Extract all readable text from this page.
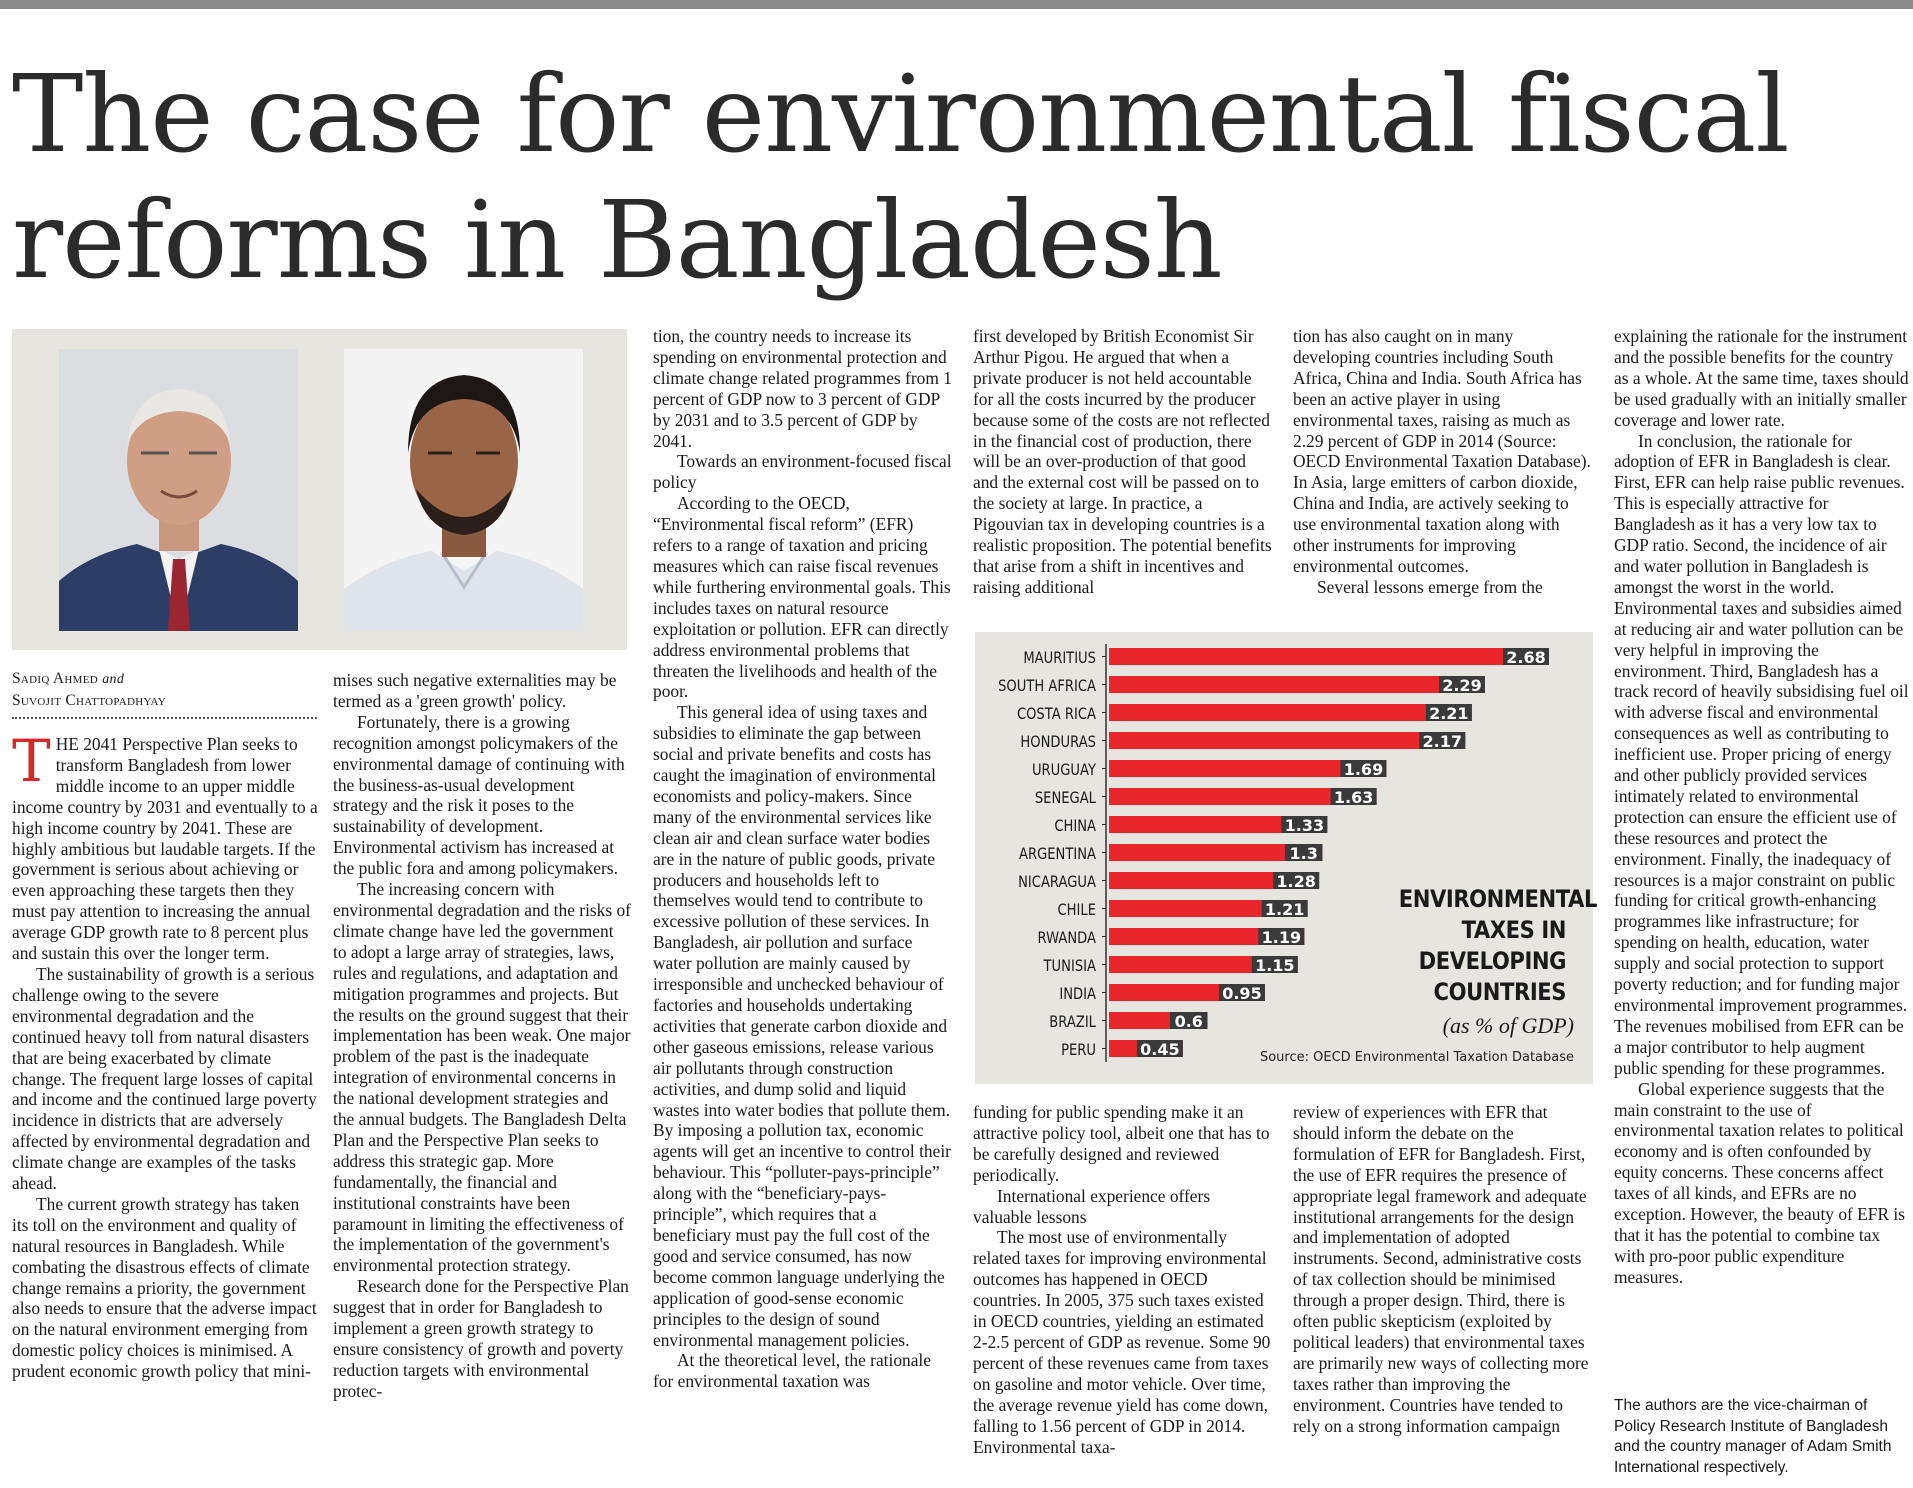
The case for environmental fiscal reforms in Bangladesh
Sadiq Ahmed and
Suvojit Chattopadhyay

THE 2041 Perspective Plan seeks to transform Bangladesh from lower middle income to an upper middle income country by 2031 and eventually to a high income country by 2041. These are highly ambitious but laudable targets. If the government is serious about achieving or even approaching these targets then they must pay attention to increasing the annual average GDP growth rate to 8 percent plus and sustain this over the longer term.

The sustainability of growth is a serious challenge owing to the severe environmental degradation and the continued heavy toll from natural disasters that are being exacerbated by climate change. The frequent large losses of capital and income and the continued large poverty incidence in districts that are adversely affected by environmental degradation and climate change are examples of the tasks ahead.

The current growth strategy has taken its toll on the environment and quality of natural resources in Bangladesh. While combating the disastrous effects of climate change remains a priority, the government also needs to ensure that the adverse impact on the natural environment emerging from domestic policy choices is minimised. A prudent economic growth policy that mini-

mises such negative externalities may be termed as a 'green growth' policy.

Fortunately, there is a growing recognition amongst policymakers of the environmental damage of continuing with the business-as-usual development strategy and the risk it poses to the sustainability of development. Environmental activism has increased at the public fora and among policymakers.

The increasing concern with environmental degradation and the risks of climate change have led the government to adopt a large array of strategies, laws, rules and regulations, and adaptation and mitigation programmes and projects. But the results on the ground suggest that their implementation has been weak. One major problem of the past is the inadequate integration of environmental concerns in the national development strategies and the annual budgets. The Bangladesh Delta Plan and the Perspective Plan seeks to address this strategic gap. More fundamentally, the financial and institutional constraints have been paramount in limiting the effectiveness of the implementation of the government's environmental protection strategy.

Research done for the Perspective Plan suggest that in order for Bangladesh to implement a green growth strategy to ensure consistency of growth and poverty reduction targets with environmental protec-

tion, the country needs to increase its spending on environmental protection and climate change related programmes from 1 percent of GDP now to 3 percent of GDP by 2031 and to 3.5 percent of GDP by 2041.

Towards an environment-focused fiscal policy

According to the OECD, “Environmental fiscal reform” (EFR) refers to a range of taxation and pricing measures which can raise fiscal revenues while furthering environmental goals. This includes taxes on natural resource exploitation or pollution. EFR can directly address environmental problems that threaten the livelihoods and health of the poor.

This general idea of using taxes and subsidies to eliminate the gap between social and private benefits and costs has caught the imagination of environmental economists and policy-makers. Since many of the environmental services like clean air and clean surface water bodies are in the nature of public goods, private producers and households left to themselves would tend to contribute to excessive pollution of these services. In Bangladesh, air pollution and surface water pollution are mainly caused by irresponsible and unchecked behaviour of factories and households undertaking activities that generate carbon dioxide and other gaseous emissions, release various air pollutants through construction activities, and dump solid and liquid wastes into water bodies that pollute them. By imposing a pollution tax, economic agents will get an incentive to control their behaviour. This “polluter-pays-principle” along with the “beneficiary-pays-principle”, which requires that a beneficiary must pay the full cost of the good and service consumed, has now become common language underlying the application of good-sense economic principles to the design of sound environmental management policies.

At the theoretical level, the rationale for environmental taxation was

first developed by British Economist Sir Arthur Pigou. He argued that when a private producer is not held accountable for all the costs incurred by the producer because some of the costs are not reflected in the financial cost of production, there will be an over-production of that good and the external cost will be passed on to the society at large. In practice, a Pigouvian tax in developing countries is a realistic proposition. The potential benefits that arise from a shift in incentives and raising additional

tion has also caught on in many developing countries including South Africa, China and India. South Africa has been an active player in using environmental taxes, raising as much as 2.29 percent of GDP in 2014 (Source: OECD Environmental Taxation Database). In Asia, large emitters of carbon dioxide, China and India, are actively seeking to use environmental taxation along with other instruments for improving environmental outcomes.

Several lessons emerge from the

MAURITIUS	2.68
SOUTH AFRICA	2.29
COSTA RICA	2.21
HONDURAS	2.17
URUGUAY	1.69
SENEGAL	1.63
CHINA	1.33
ARGENTINA	1.3
NICARAGUA	1.28
CHILE	1.21
RWANDA	1.19
TUNISIA	1.15
INDIA	0.95
BRAZIL	0.6
PERU	0.45
ENVIRONMENTAL TAXES IN DEVELOPING COUNTRIES
(as % of GDP)
Source: OECD Environmental Taxation Database

funding for public spending make it an attractive policy tool, albeit one that has to be carefully designed and reviewed periodically.

International experience offers valuable lessons

The most use of environmentally related taxes for improving environmental outcomes has happened in OECD countries. In 2005, 375 such taxes existed in OECD countries, yielding an estimated 2-2.5 percent of GDP as revenue. Some 90 percent of these revenues came from taxes on gasoline and motor vehicle. Over time, the average revenue yield has come down, falling to 1.56 percent of GDP in 2014. Environmental taxa-

review of experiences with EFR that should inform the debate on the formulation of EFR for Bangladesh. First, the use of EFR requires the presence of appropriate legal framework and adequate institutional arrangements for the design and implementation of adopted instruments. Second, administrative costs of tax collection should be minimised through a proper design. Third, there is often public skepticism (exploited by political leaders) that environmental taxes are primarily new ways of collecting more taxes rather than improving the environment. Countries have tended to rely on a strong information campaign

explaining the rationale for the instrument and the possible benefits for the country as a whole. At the same time, taxes should be used gradually with an initially smaller coverage and lower rate.

In conclusion, the rationale for adoption of EFR in Bangladesh is clear. First, EFR can help raise public revenues. This is especially attractive for Bangladesh as it has a very low tax to GDP ratio. Second, the incidence of air and water pollution in Bangladesh is amongst the worst in the world. Environmental taxes and subsidies aimed at reducing air and water pollution can be very helpful in improving the environment. Third, Bangladesh has a track record of heavily subsidising fuel oil with adverse fiscal and environmental consequences as well as contributing to inefficient use. Proper pricing of energy and other publicly provided services intimately related to environmental protection can ensure the efficient use of these resources and protect the environment. Finally, the inadequacy of resources is a major constraint on public funding for critical growth-enhancing programmes like infrastructure; for spending on health, education, water supply and social protection to support poverty reduction; and for funding major environmental improvement programmes. The revenues mobilised from EFR can be a major contributor to help augment public spending for these programmes.

Global experience suggests that the main constraint to the use of environmental taxation relates to political economy and is often confounded by equity concerns. These concerns affect taxes of all kinds, and EFRs are no exception. However, the beauty of EFR is that it has the potential to combine tax with pro-poor public expenditure measures.

The authors are the vice-chairman of Policy Research Institute of Bangladesh and the country manager of Adam Smith International respectively.
